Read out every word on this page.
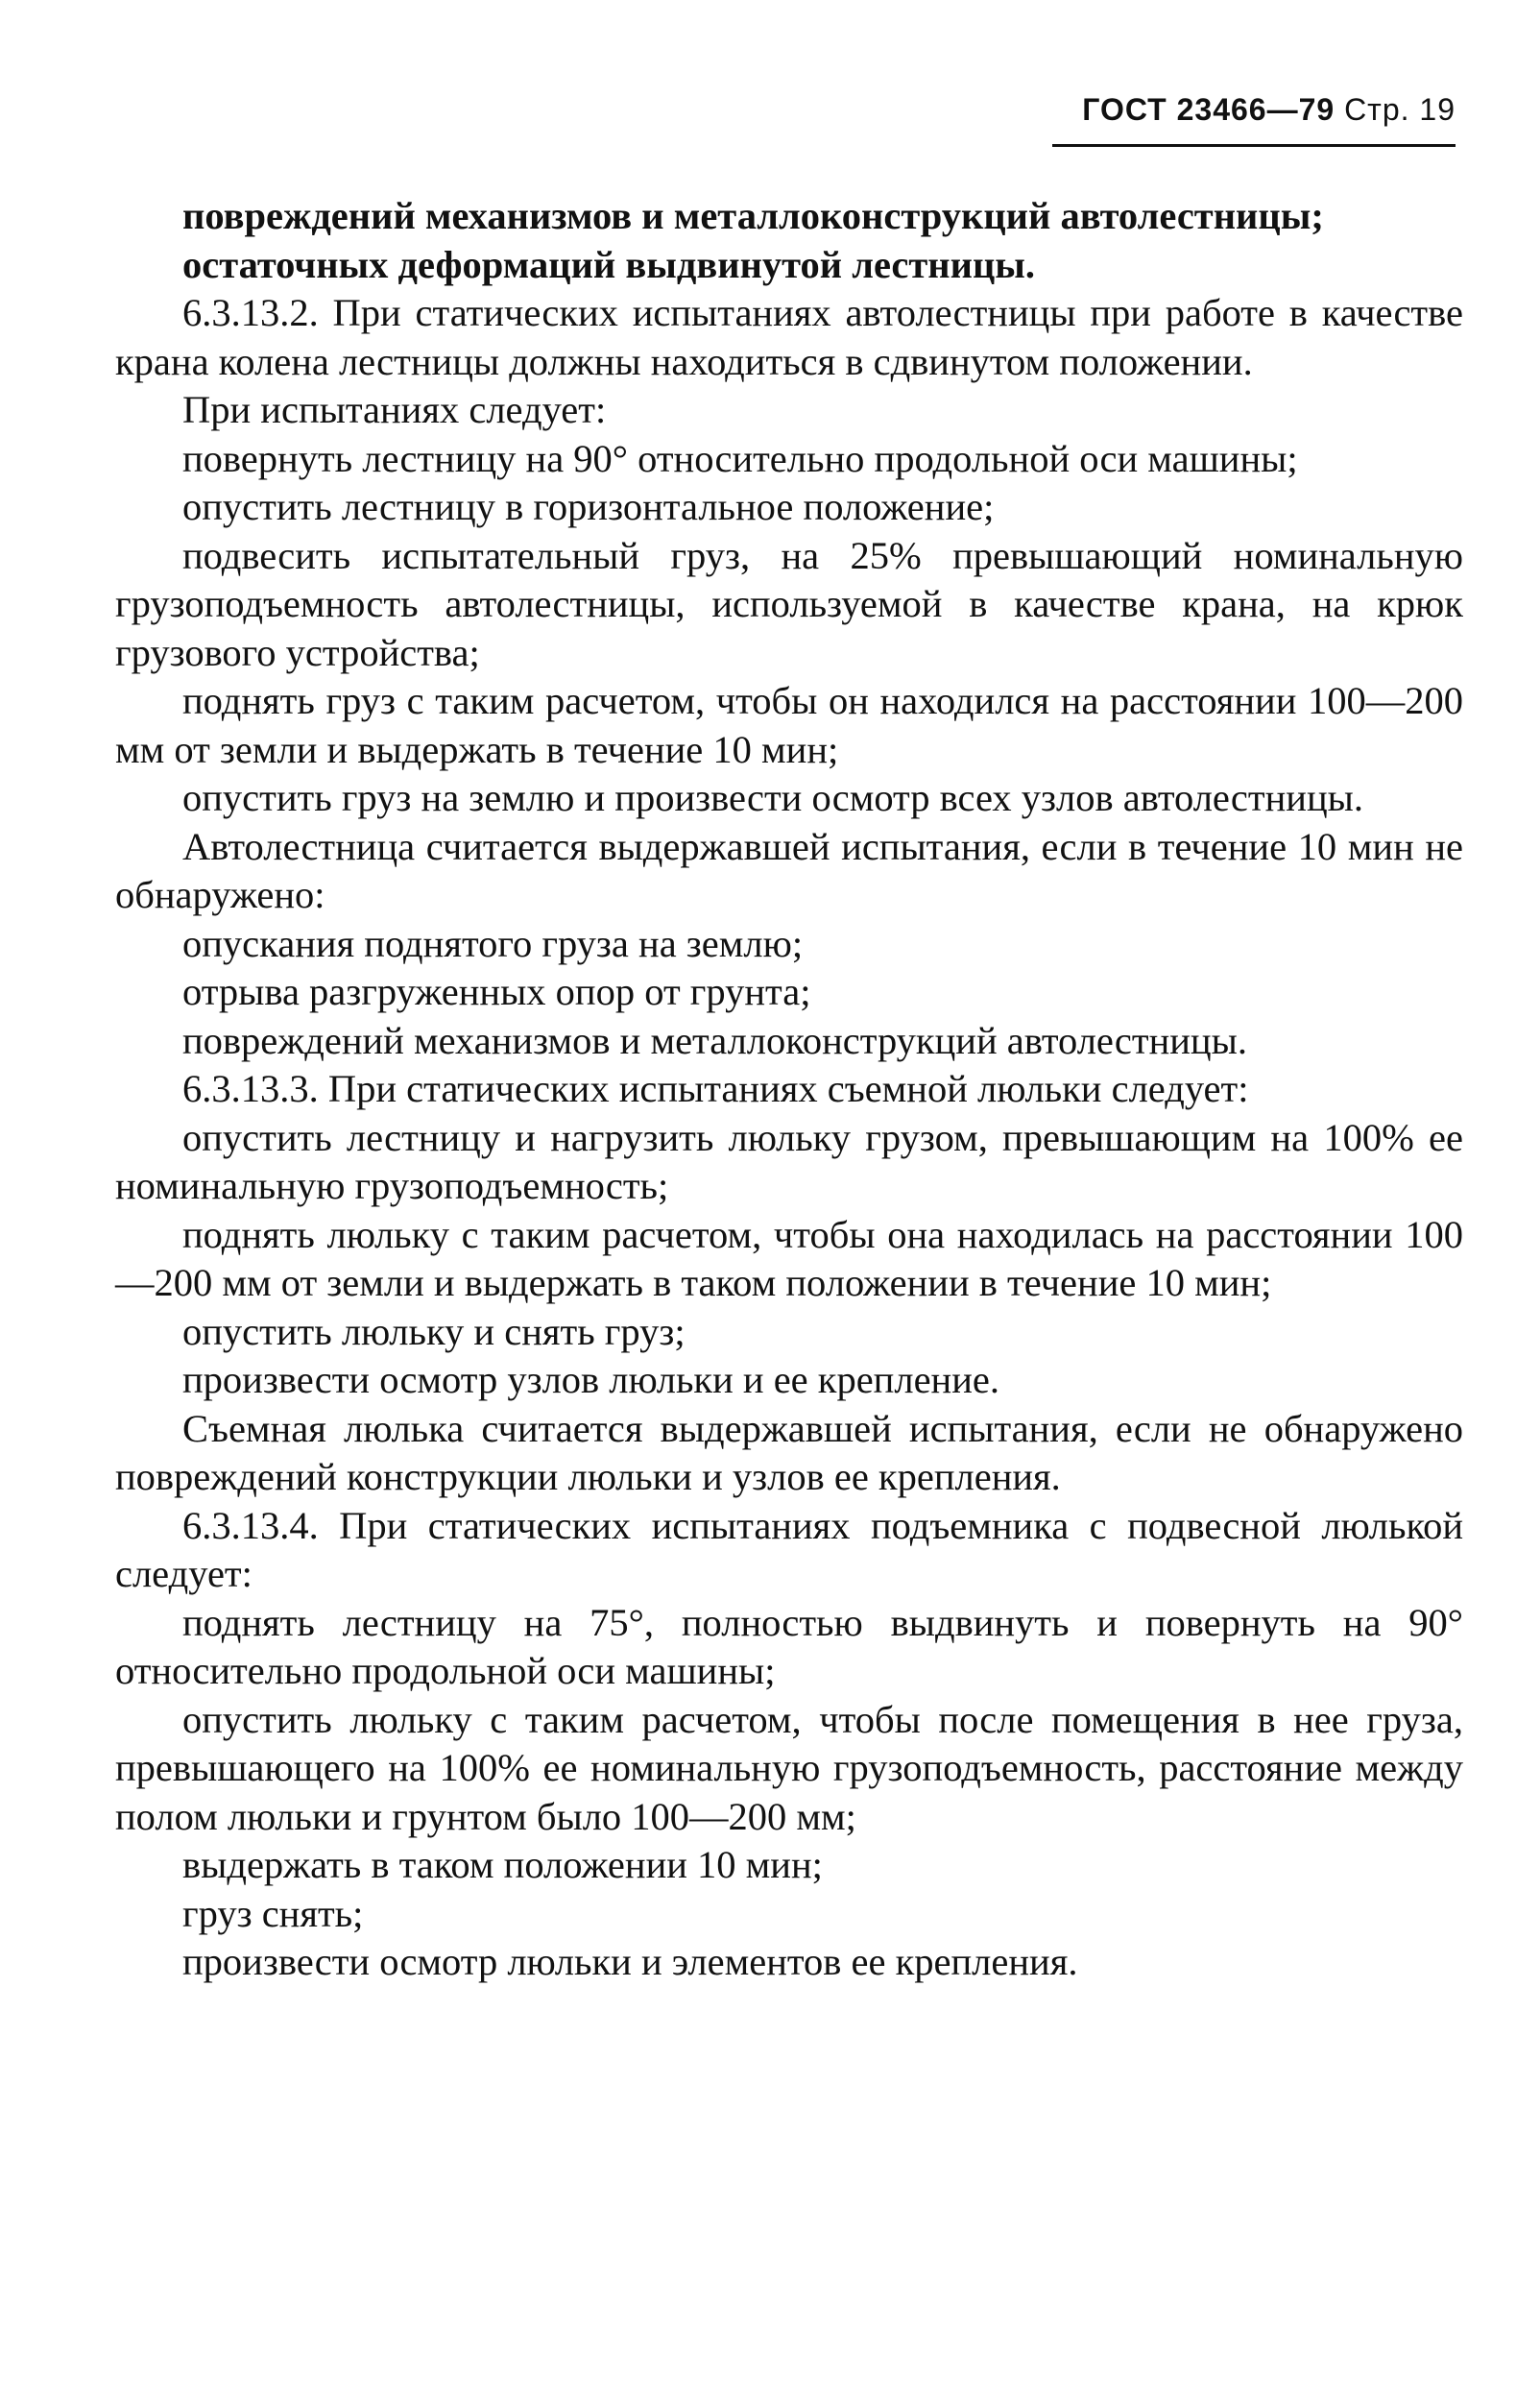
ГОСТ 23466—79 Стр. 19

повреждений механизмов и металлоконструкций автолестницы;

остаточных деформаций выдвинутой лестницы.

6.3.13.2. При статических испытаниях автолестницы при работе в качестве крана колена лестницы должны находиться в сдвинутом положении.

При испытаниях следует:

повернуть лестницу на 90° относительно продольной оси машины;

опустить лестницу в горизонтальное положение;

подвесить испытательный груз, на 25% превышающий номинальную грузоподъемность автолестницы, используемой в качестве крана, на крюк грузового устройства;

поднять груз с таким расчетом, чтобы он находился на расстоянии 100—200 мм от земли и выдержать в течение 10 мин;

опустить груз на землю и произвести осмотр всех узлов автолестницы.

Автолестница считается выдержавшей испытания, если в течение 10 мин не обнаружено:

опускания поднятого груза на землю;

отрыва разгруженных опор от грунта;

повреждений механизмов и металлоконструкций автолестницы.

6.3.13.3. При статических испытаниях съемной люльки следует:

опустить лестницу и нагрузить люльку грузом, превышающим на 100% ее номинальную грузоподъемность;

поднять люльку с таким расчетом, чтобы она находилась на расстоянии 100—200 мм от земли и выдержать в таком положении в течение 10 мин;

опустить люльку и снять груз;

произвести осмотр узлов люльки и ее крепление.

Съемная люлька считается выдержавшей испытания, если не обнаружено повреждений конструкции люльки и узлов ее крепления.

6.3.13.4. При статических испытаниях подъемника с подвесной люлькой следует:

поднять лестницу на 75°, полностью выдвинуть и повернуть на 90° относительно продольной оси машины;

опустить люльку с таким расчетом, чтобы после помещения в нее груза, превышающего на 100% ее номинальную грузоподъемность, расстояние между полом люльки и грунтом было 100—200 мм;

выдержать в таком положении 10 мин;

груз снять;

произвести осмотр люльки и элементов ее крепления.
